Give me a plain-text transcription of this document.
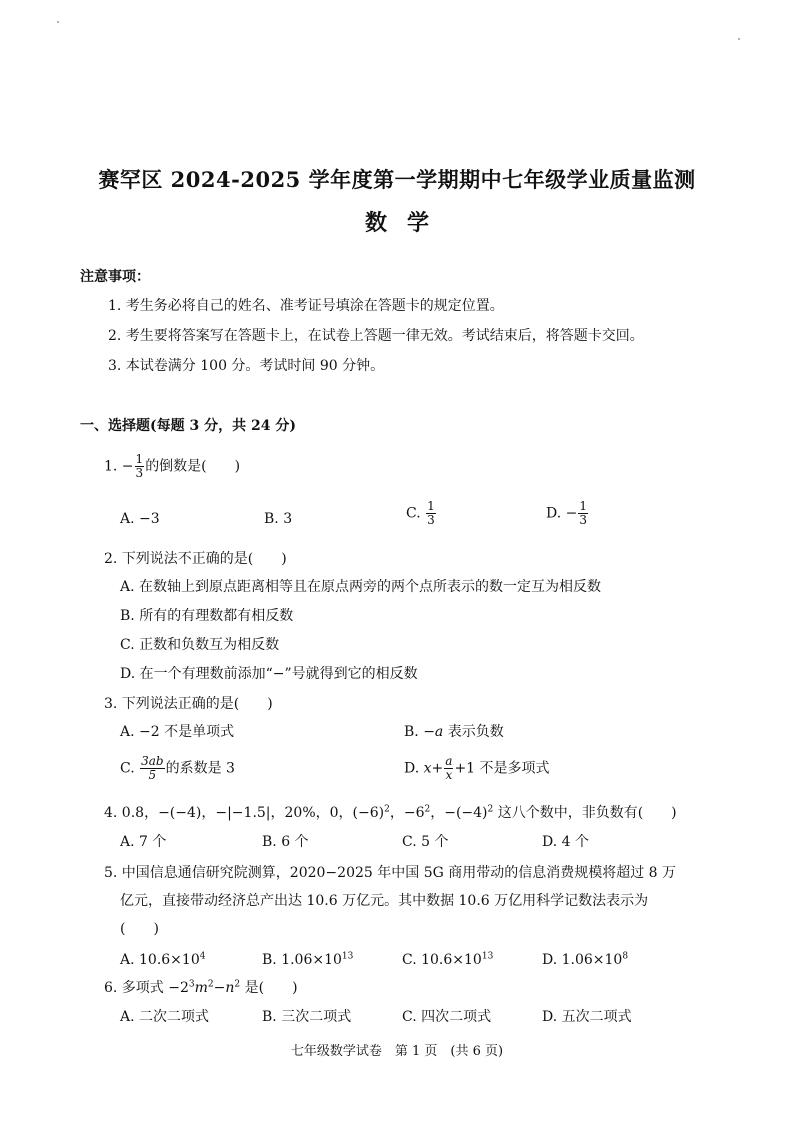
赛罕区 2024-2025 学年度第一学期期中七年级学业质量监测
数学
注意事项：
1. 考生务必将自己的姓名、准考证号填涂在答题卡的规定位置。
2. 考生要将答案写在答题卡上，在试卷上答题一律无效。考试结束后，将答题卡交回。
3. 本试卷满分 100 分。考试时间 90 分钟。
一、选择题(每题 3 分，共 24 分)
1. − $\frac{1}{3}$ 的倒数是(　　)
A. −3	B. 3	C. $\frac{1}{3}$	D. − $\frac{1}{3}$
2. 下列说法不正确的是(　　)
A. 在数轴上到原点距离相等且在原点两旁的两个点所表示的数一定互为相反数
B. 所有的有理数都有相反数
C. 正数和负数互为相反数
D. 在一个有理数前添加“−”号就得到它的相反数
3. 下列说法正确的是(　　)
A. −2 不是单项式	B. −a 表示负数
C. $\frac{3ab}{5}$ 的系数是 3	D. $x+ \frac{a}{x} +1$ 不是多项式
4. 0.8，−(−4)，−|−1.5|，20%，0，$(-6)^2$，$-6^2$，$-(-4)^2$ 这八个数中，非负数有(　　)
A. 7 个	B. 6 个	C. 5 个	D. 4 个
5. 中国信息通信研究院测算，2020−2025 年中国 5G 商用带动的信息消费规模将超过 8 万
亿元，直接带动经济总产出达 10.6 万亿元。其中数据 10.6 万亿用科学记数法表示为
(　　)
A. $10.6\times 10^4$	B. $1.06\times 10^{13}$	C. $10.6\times 10^{13}$	D. $1.06\times 10^8$
6. 多项式 $-2^3m^2-n^2$ 是(　　)
A. 二次二项式	B. 三次二项式	C. 四次二项式	D. 五次二项式
七年级数学试卷　第 1 页　(共 6 页)
